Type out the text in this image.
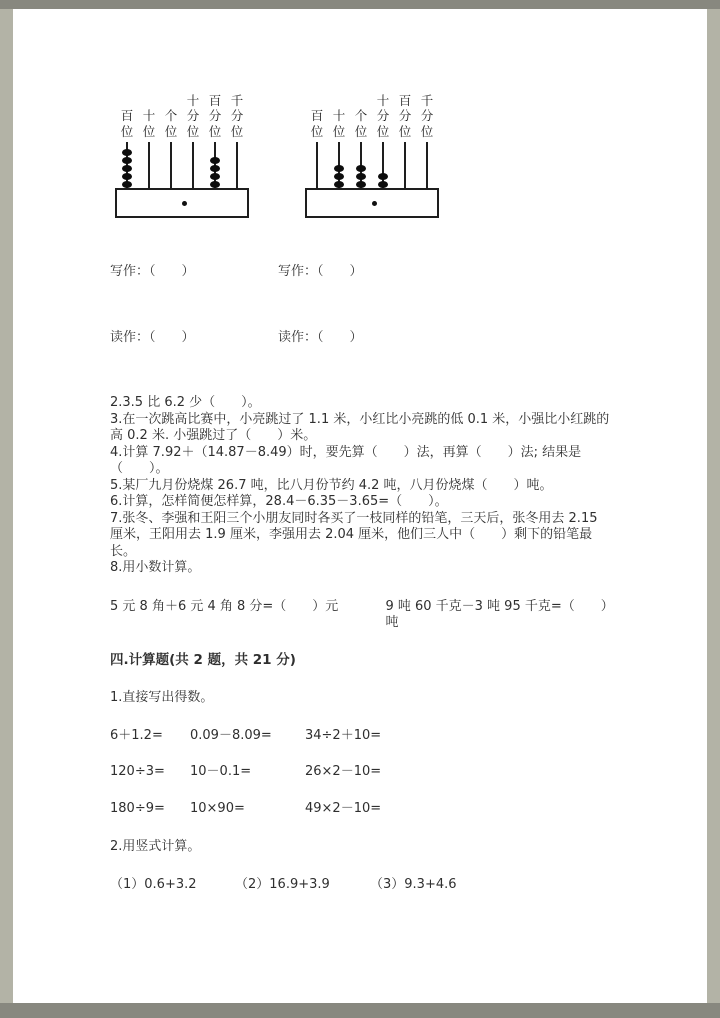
百
位
十
位
个
位
十
分
位
百
分
位
千
分
位
百
位
十
位
个
位
十
分
位
百
分
位
千
分
位
写作：（　　）	写作：（　　）
读作：（　　）	读作：（　　）

2.3.5 比 6.2 少（　　）。

3.在一次跳高比赛中，小亮跳过了 1.1 米，小红比小亮跳的低 0.1 米，小强比小红跳的高 0.2 米. 小强跳过了（　　）米。

4.计算 7.92＋（14.87－8.49）时，要先算（　　）法，再算（　　）法; 结果是（　　）。

5.某厂九月份烧煤 26.7 吨，比八月份节约 4.2 吨，八月份烧煤（　　）吨。

6.计算，怎样简便怎样算，28.4－6.35－3.65=（　　）。

7.张冬、李强和王阳三个小朋友同时各买了一枝同样的铅笔，三天后，张冬用去 2.15 厘米，王阳用去 1.9 厘米，李强用去 2.04 厘米，他们三人中（　　）剩下的铅笔最长。

8.用小数计算。

5 元 8 角＋6 元 4 角 8 分=（　　）元	9 吨 60 千克－3 吨 95 千克=（　　）吨
四.计算题(共 2 题，共 21 分)
1.直接写出得数。
6＋1.2=	0.09－8.09=	34÷2＋10=
120÷3=	10－0.1=	26×2－10=
180÷9=	10×90=	49×2－10=
2.用竖式计算。
（1）0.6+3.2	（2）16.9+3.9	（3）9.3+4.6
